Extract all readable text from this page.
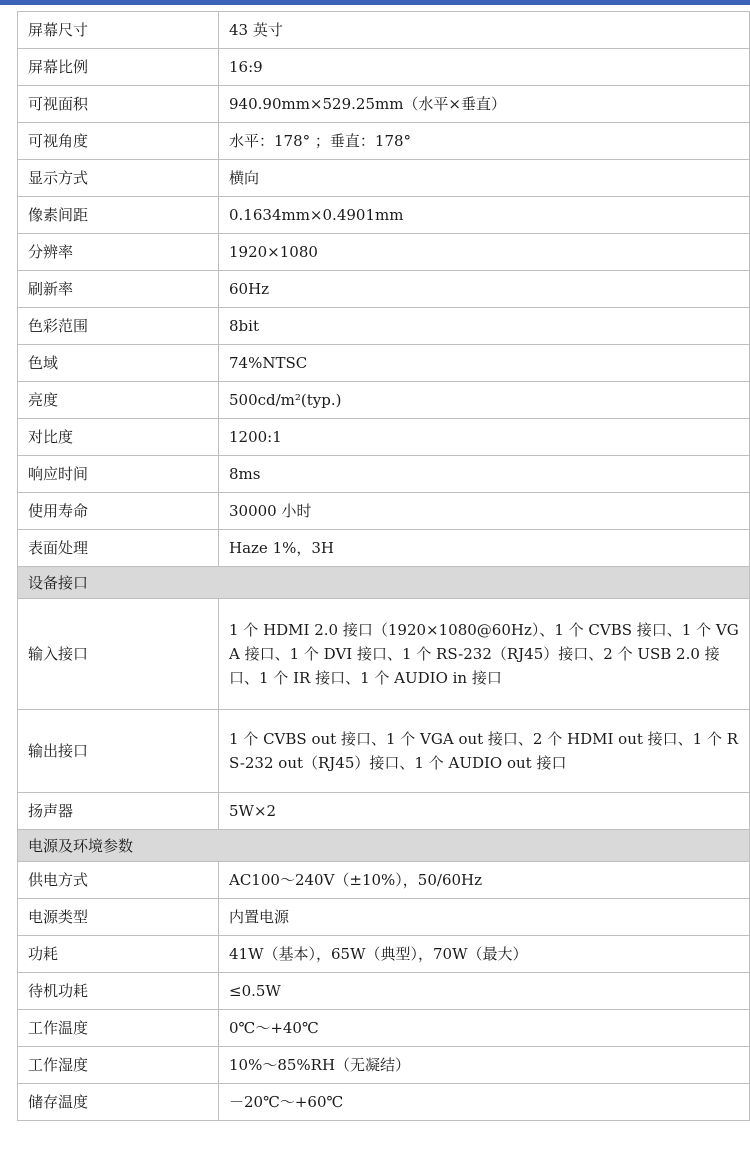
屏幕尺寸	43 英寸
屏幕比例	16:9
可视面积	940.90mm×529.25mm（水平×垂直）
可视角度	水平：178° ；垂直：178°
显示方式	横向
像素间距	0.1634mm×0.4901mm
分辨率	1920×1080
刷新率	60Hz
色彩范围	8bit
色域	74%NTSC
亮度	500cd/m²(typ.)
对比度	1200:1
响应时间	8ms
使用寿命	30000 小时
表面处理	Haze 1%，3H
设备接口	
输入接口	1 个 HDMI 2.0 接口（1920×1080@60Hz）、1 个 CVBS 接口、1 个 VGA 接口、1 个 DVI 接口、1 个 RS-232（RJ45）接口、2 个 USB 2.0 接口、1 个 IR 接口、1 个 AUDIO in 接口
输出接口	1 个 CVBS out 接口、1 个 VGA out 接口、2 个 HDMI out 接口、1 个 RS-232 out（RJ45）接口、1 个 AUDIO out 接口
扬声器	5W×2
电源及环境参数	
供电方式	AC100～240V（±10%），50/60Hz
电源类型	内置电源
功耗	41W（基本），65W（典型），70W（最大）
待机功耗	≤0.5W
工作温度	0℃～+40℃
工作湿度	10%～85%RH（无凝结）
储存温度	－20℃～+60℃
